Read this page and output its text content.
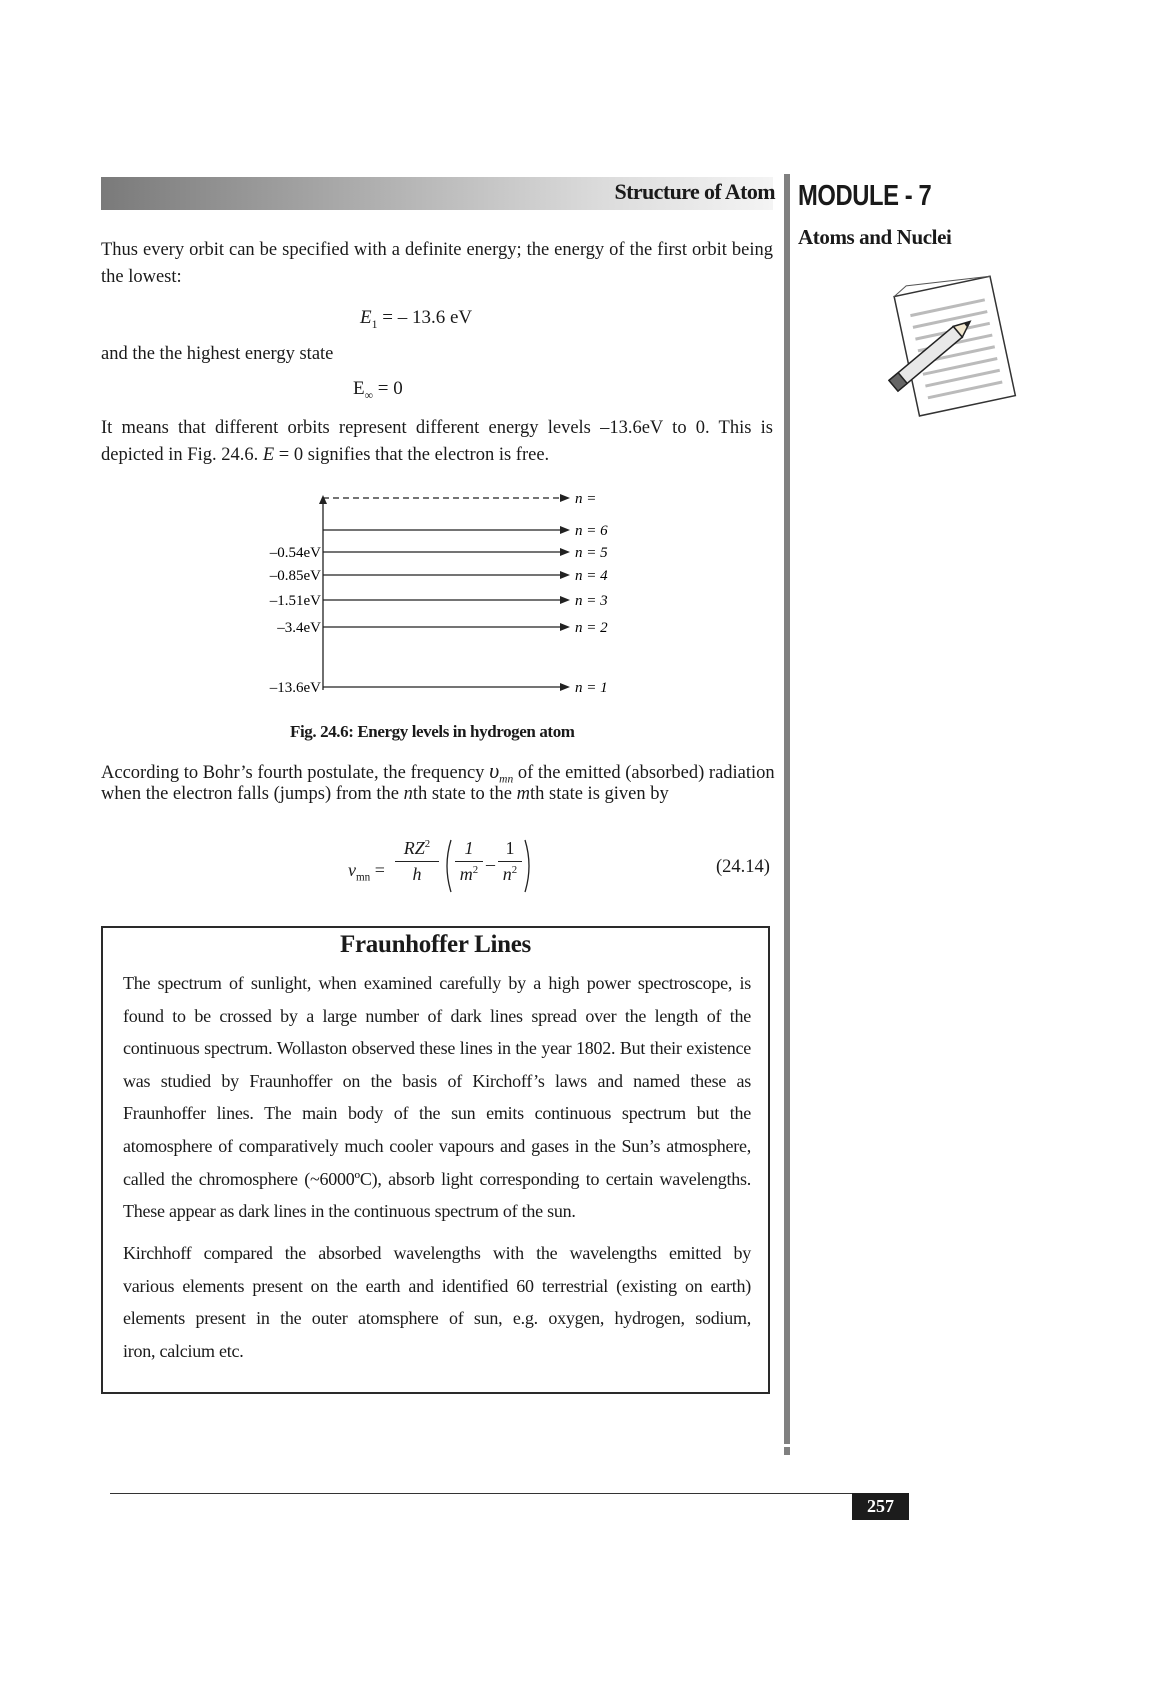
Structure of Atom MODULE - 7
Atoms and Nuclei
Thus every orbit can be specified with a definite energy; the energy of the first orbit being the lowest:
$E_1$ = – 13.6 eV
and the the highest energy state
$E_\infty = 0$
It means that different orbits represent different energy levels –13.6eV to 0. This is depicted in Fig. 24.6. E = 0 signifies that the electron is free.
n =
n = 6
n = 5
–0.54eV
n = 4
–0.85eV
n = 3
–1.51eV
n = 2
–3.4eV
n = 1
–13.6eV
Fig. 24.6: Energy levels in hydrogen atom
According to Bohr’s fourth postulate, the frequency $\upsilon_{mn}$ of the emitted (absorbed) radiation
when the electron falls (jumps) from the nth state to the mth state is given by
$v_{mn}$ =
$RZ^2$
h
1
$m^2$ –
1
$n^2$	(24.14)
Fraunhoffer Lines
The spectrum of sunlight, when examined carefully by a high power spectroscope, is
found to be crossed by a large number of dark lines spread over the length of the
continuous spectrum. Wollaston observed these lines in the year 1802. But their existence
was studied by Fraunhoffer on the basis of Kirchoff’s laws and named these as
Fraunhoffer lines. The main body of the sun emits continuous spectrum but the
atomosphere of comparatively much cooler vapours and gases in the Sun’s atmosphere,
called the chromosphere (~6000ºC), absorb light corresponding to certain wavelengths.
These appear as dark lines in the continuous spectrum of the sun.
Kirchhoff compared the absorbed wavelengths with the wavelengths emitted by
various elements present on the earth and identified 60 terrestrial (existing on earth)
elements present in the outer atomsphere of sun, e.g. oxygen, hydrogen, sodium,
iron, calcium etc.
257
